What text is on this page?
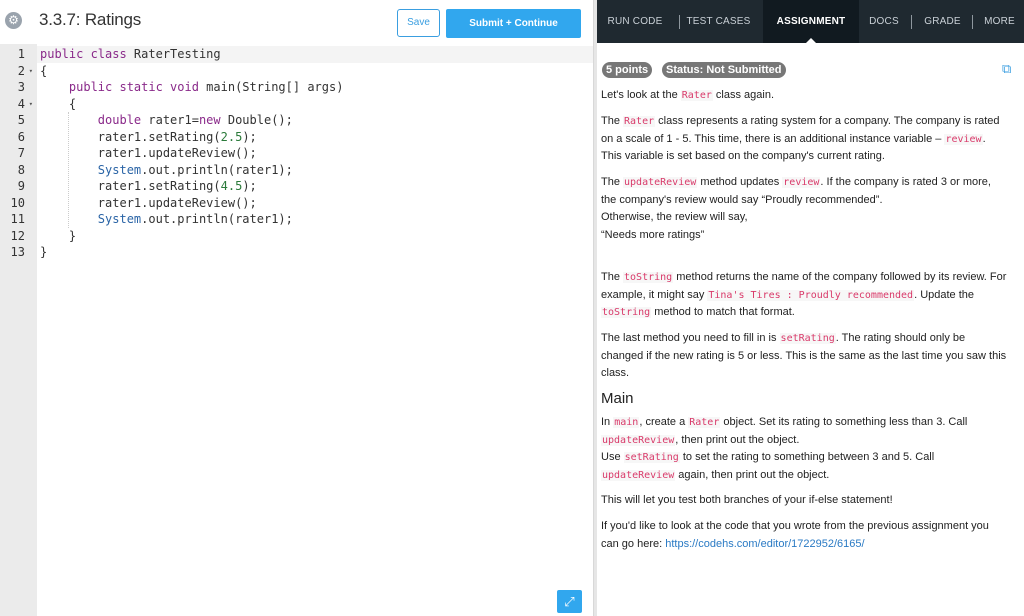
⚙ 3.3.7: Ratings	Save	Submit + Continue
1
2 ▾
3
4 ▾
5
6
7
8
9
10
11
12
13
public class RaterTesting
{
public static void main(String[] args)
{
double rater1=new Double();
rater1.setRating(2.5);
rater1.updateReview();
System.out.println(rater1);
rater1.setRating(4.5);
rater1.updateReview();
System.out.println(rater1);
}
}
⤢
RUN CODE	TEST CASES	ASSIGNMENT	DOCS	GRADE	MORE
5 points	Status: Not Submitted	⧉
Let's look at the Rater class again.
The Rater class represents a rating system for a company. The company is rated on a scale of 1 - 5. This time, there is an additional instance variable – review. This variable is set based on the company's current rating.
The updateReview method updates review. If the company is rated 3 or more, the company's review would say “Proudly recommended”.
Otherwise, the review will say,
“Needs more ratings”
The toString method returns the name of the company followed by its review. For example, it might say Tina's Tires : Proudly recommended. Update the toString method to match that format.
The last method you need to fill in is setRating. The rating should only be changed if the new rating is 5 or less. This is the same as the last time you saw this class.
Main
In main, create a Rater object. Set its rating to something less than 3. Call updateReview, then print out the object.
Use setRating to set the rating to something between 3 and 5. Call updateReview again, then print out the object.
This will let you test both branches of your if-else statement!
If you'd like to look at the code that you wrote from the previous assignment you can go here: https://codehs.com/editor/1722952/6165/
